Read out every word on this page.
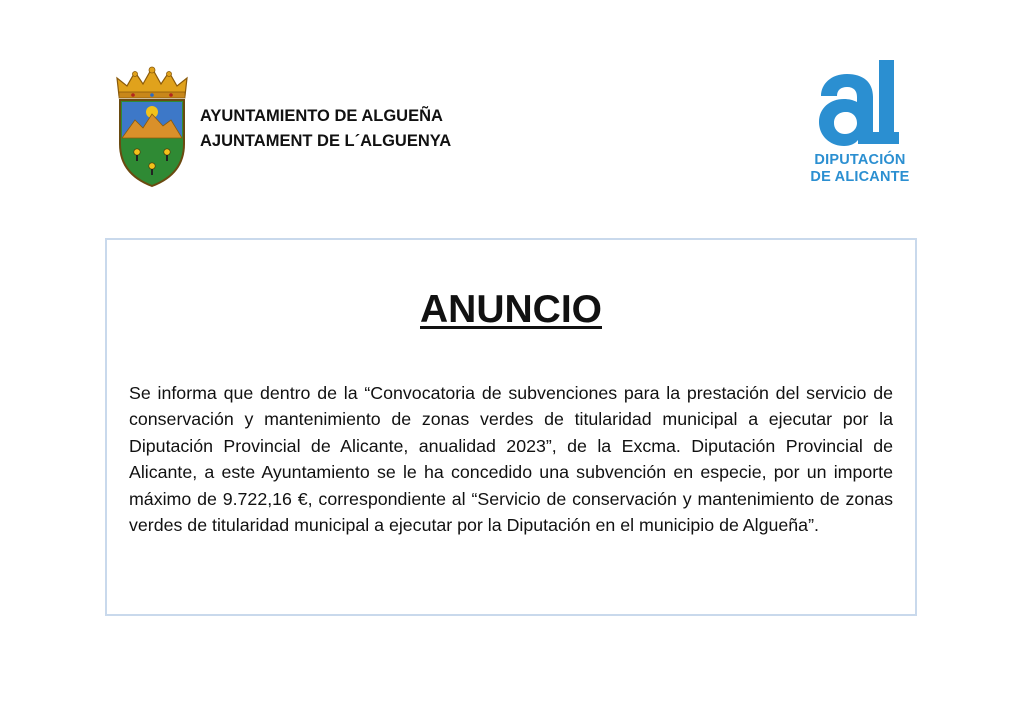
AYUNTAMIENTO DE ALGUEÑA
AJUNTAMENT DE L´ALGUENYA
DIPUTACIÓN
DE ALICANTE
ANUNCIO
Se informa que dentro de la “Convocatoria de subvenciones para la prestación del servicio de conservación y mantenimiento de zonas verdes de titularidad municipal a ejecutar por la Diputación Provincial de Alicante, anualidad 2023”, de la Excma. Diputación Provincial de Alicante, a este Ayuntamiento se le ha concedido una subvención en especie, por un importe máximo de 9.722,16 €, correspondiente al “Servicio de conservación y mantenimiento de zonas verdes de titularidad municipal a ejecutar por la Diputación en el municipio de Algueña”.
